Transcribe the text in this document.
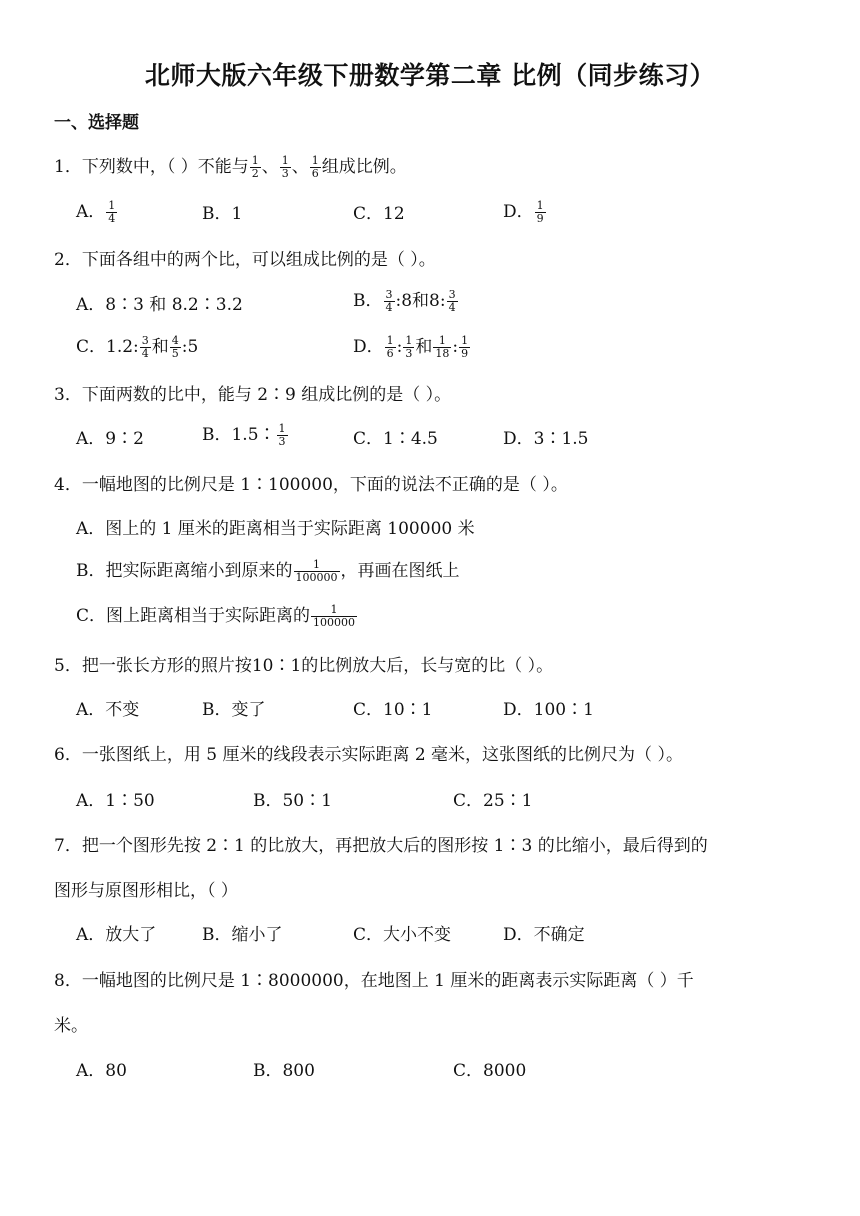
北师大版六年级下册数学第二章 比例（同步练习）
一、选择题
1．下列数中，（ ）不能与 $\frac{1}{2}$ 、 $\frac{1}{3}$ 、 $\frac{1}{6}$ 组成比例。
A． $\frac{1}{4}$	B．1	C．12	D． $\frac{1}{9}$
2．下面各组中的两个比，可以组成比例的是（ ）。
A．8∶3 和 8.2∶3.2	B． $\frac{3}{4}$ :8和8: $\frac{3}{4}$
C．1.2: $\frac{3}{4}$ 和 $\frac{4}{5}$ :5	D． $\frac{1}{6}$ : $\frac{1}{3}$ 和 $\frac{1}{18}$ : $\frac{1}{9}$
3．下面两数的比中，能与 2∶9 组成比例的是（ ）。
A．9∶2	B．1.5∶ $\frac{1}{3}$	C．1∶4.5	D．3∶1.5
4．一幅地图的比例尺是 1∶100000，下面的说法不正确的是（ ）。
A．图上的 1 厘米的距离相当于实际距离 100000 米
B．把实际距离缩小到原来的 $\frac{1}{100000}$ ，再画在图纸上
C．图上距离相当于实际距离的 $\frac{1}{100000}$
5．把一张长方形的照片按10∶1的比例放大后，长与宽的比（ ）。
A．不变	B．变了	C．10∶1	D．100∶1
6．一张图纸上，用 5 厘米的线段表示实际距离 2 毫米，这张图纸的比例尺为（ ）。
A．1∶50	B．50∶1	C．25∶1
7．把一个图形先按 2∶1 的比放大，再把放大后的图形按 1∶3 的比缩小，最后得到的
图形与原图形相比，（ ）
A．放大了	B．缩小了	C．大小不变	D．不确定
8．一幅地图的比例尺是 1∶8000000，在地图上 1 厘米的距离表示实际距离（ ）千
米。
A．80	B．800	C．8000
